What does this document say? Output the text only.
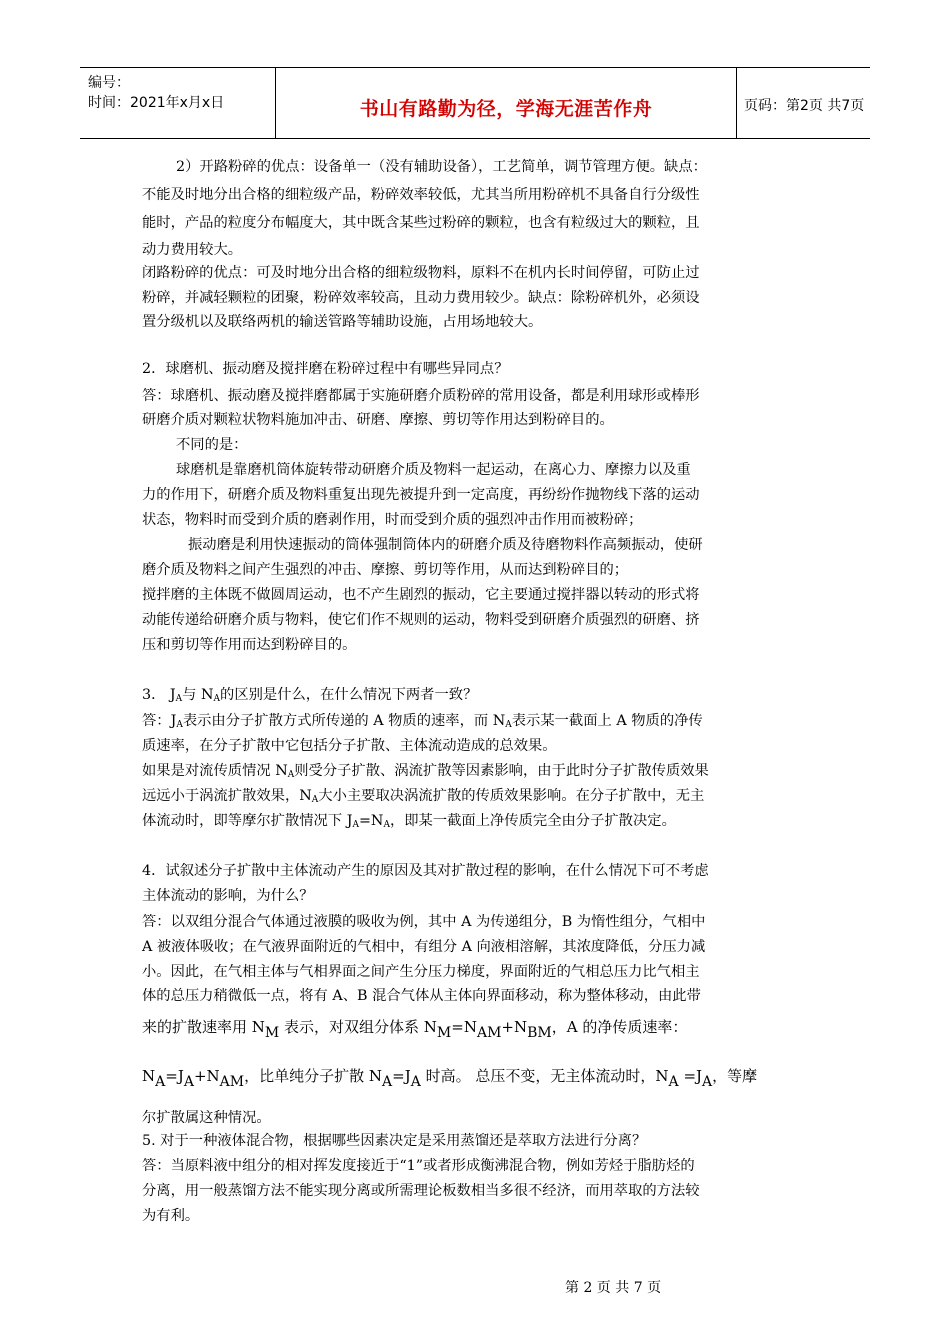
编号：
时间：2021年x月x日	书山有路勤为径，学海无涯苦作舟	页码：第2页 共7页
2）开路粉碎的优点：设备单一（没有辅助设备），工艺简单，调节管理方便。缺点：
不能及时地分出合格的细粒级产品，粉碎效率较低，尤其当所用粉碎机不具备自行分级性
能时，产品的粒度分布幅度大，其中既含某些过粉碎的颗粒，也含有粒级过大的颗粒，且
动力费用较大。
闭路粉碎的优点：可及时地分出合格的细粒级物料，原料不在机内长时间停留，可防止过
粉碎，并减轻颗粒的团聚，粉碎效率较高，且动力费用较少。缺点：除粉碎机外，必须设
置分级机以及联络两机的输送管路等辅助设施，占用场地较大。
2．球磨机、振动磨及搅拌磨在粉碎过程中有哪些异同点？
答：球磨机、振动磨及搅拌磨都属于实施研磨介质粉碎的常用设备，都是利用球形或棒形
研磨介质对颗粒状物料施加冲击、研磨、摩擦、剪切等作用达到粉碎目的。
不同的是：
球磨机是靠磨机筒体旋转带动研磨介质及物料一起运动，在离心力、摩擦力以及重
力的作用下，研磨介质及物料重复出现先被提升到一定高度，再纷纷作抛物线下落的运动
状态，物料时而受到介质的磨剥作用，时而受到介质的强烈冲击作用而被粉碎；
振动磨是利用快速振动的筒体强制筒体内的研磨介质及待磨物料作高频振动，使研
磨介质及物料之间产生强烈的冲击、摩擦、剪切等作用，从而达到粉碎目的；
搅拌磨的主体既不做圆周运动，也不产生剧烈的振动，它主要通过搅拌器以转动的形式将
动能传递给研磨介质与物料，使它们作不规则的运动，物料受到研磨介质强烈的研磨、挤
压和剪切等作用而达到粉碎目的。
3． $J_A$与 $N_A$的区别是什么，在什么情况下两者一致？
答：$J_A$表示由分子扩散方式所传递的 A 物质的速率，而 $N_A$表示某一截面上 A 物质的净传
质速率，在分子扩散中它包括分子扩散、主体流动造成的总效果。
如果是对流传质情况 $N_A$则受分子扩散、涡流扩散等因素影响，由于此时分子扩散传质效果
远远小于涡流扩散效果，$N_A$大小主要取决涡流扩散的传质效果影响。在分子扩散中，无主
体流动时，即等摩尔扩散情况下 $J_A=N_A$，即某一截面上净传质完全由分子扩散决定。
4．试叙述分子扩散中主体流动产生的原因及其对扩散过程的影响，在什么情况下可不考虑
主体流动的影响，为什么？
答：以双组分混合气体通过液膜的吸收为例，其中 A 为传递组分，B 为惰性组分，气相中
A 被液体吸收；在气液界面附近的气相中，有组分 A 向液相溶解，其浓度降低，分压力减
小。因此，在气相主体与气相界面之间产生分压力梯度，界面附近的气相总压力比气相主
体的总压力稍微低一点，将有 A、B 混合气体从主体向界面移动，称为整体移动，由此带
来的扩散速率用 $N_M$ 表示，对双组分体系 $N_M=N_{AM}+N_{BM}$，A 的净传质速率：
$N_A=J_A+N_{AM}$，比单纯分子扩散 $N_A=J_A$ 时高。 总压不变，无主体流动时，$N_A =J_A$，等摩
尔扩散属这种情况。
5. 对于一种液体混合物，根据哪些因素决定是采用蒸馏还是萃取方法进行分离？
答：当原料液中组分的相对挥发度接近于“1”或者形成衡沸混合物，例如芳烃于脂肪烃的
分离，用一般蒸馏方法不能实现分离或所需理论板数相当多很不经济，而用萃取的方法较
为有利。
第 2 页 共 7 页
